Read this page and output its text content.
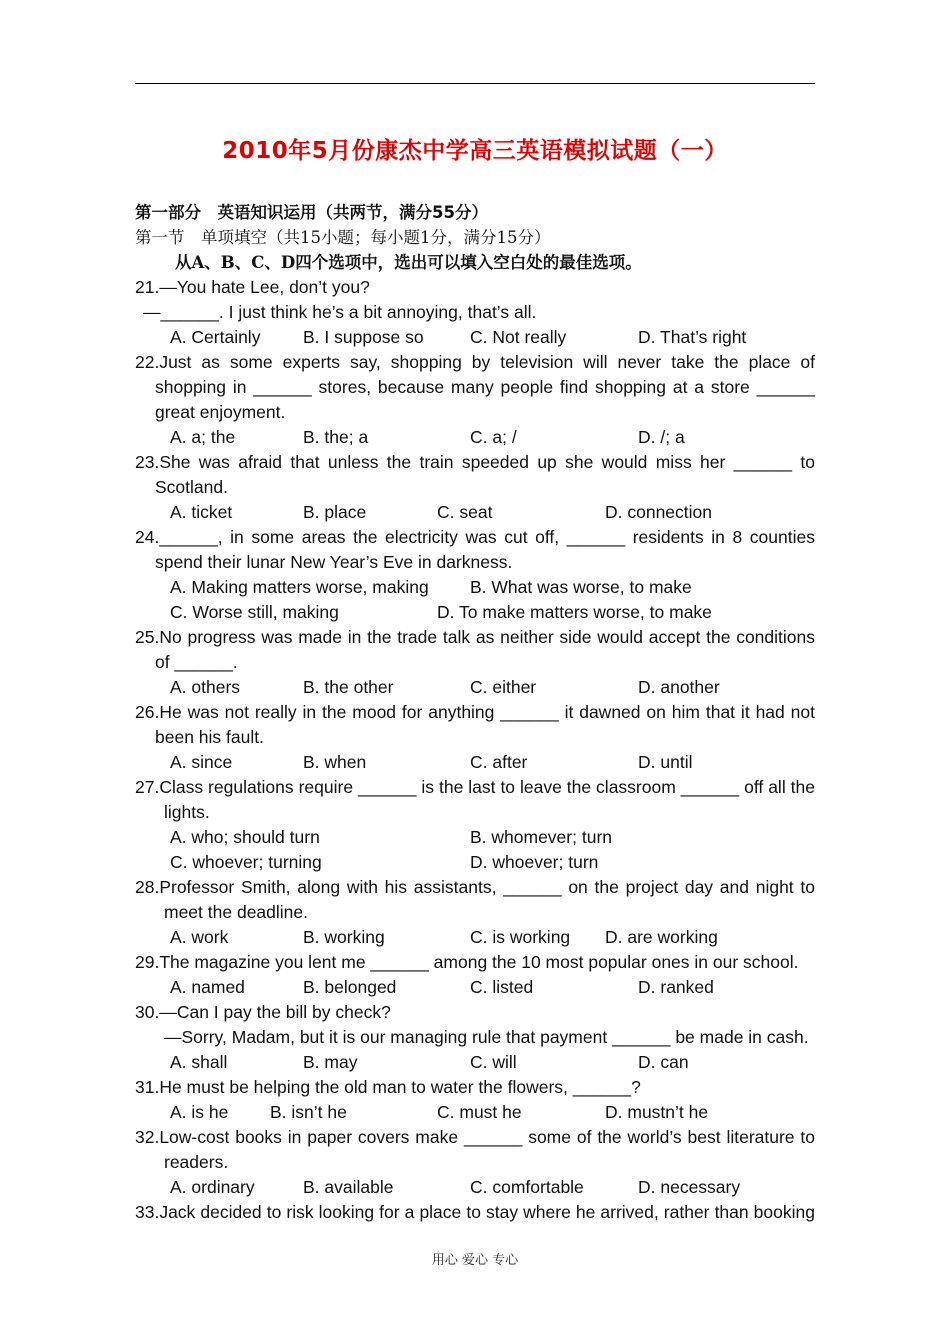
2010年5月份康杰中学高三英语模拟试题（一）
第一部分　英语知识运用（共两节，满分55分）
第一节　单项填空（共15小题；每小题1分，满分15分）
从A、B、C、D四个选项中，选出可以填入空白处的最佳选项。
21.—You hate Lee, don’t you?
—______. I just think he’s a bit annoying, that’s all.
A. Certainly B. I suppose so	C. Not really	D. That’s right
22.Just as some experts say, shopping by television will never take the place of
shopping in ______ stores, because many people find shopping at a store ______
great enjoyment.
A. a; the	B. the; a	C. a; /	D. /; a
23.She was afraid that unless the train speeded up she would miss her ______ to
Scotland.
A. ticket	B. place	C. seat	D. connection
24.______, in some areas the electricity was cut off, ______ residents in 8 counties
spend their lunar New Year’s Eve in darkness.
A. Making matters worse, making B. What was worse, to make
C. Worse still, making	D. To make matters worse, to make
25.No progress was made in the trade talk as neither side would accept the conditions
of ______.
A. others	B. the other	C. either	D. another
26.He was not really in the mood for anything ______ it dawned on him that it had not
been his fault.
A. since	B. when	C. after	D. until
27.Class regulations require ______ is the last to leave the classroom ______ off all the
lights.
A. who; should turn	B. whomever; turn
C. whoever; turning	D. whoever; turn
28.Professor Smith, along with his assistants, ______ on the project day and night to
meet the deadline.
A. work	B. working	C. is working D. are working
29.The magazine you lent me ______ among the 10 most popular ones in our school.
A. named	B. belonged	C. listed	D. ranked
30.—Can I pay the bill by check?
—Sorry, Madam, but it is our managing rule that payment ______ be made in cash.
A. shall	B. may	C. will	D. can
31.He must be helping the old man to water the flowers, ______?
A. is he B. isn’t he	C. must he	D. mustn’t he
32.Low-cost books in paper covers make ______ some of the world’s best literature to
readers.
A. ordinary	B. available	C. comfortable	D. necessary
33.Jack decided to risk looking for a place to stay where he arrived, rather than booking
用心 爱心 专心
